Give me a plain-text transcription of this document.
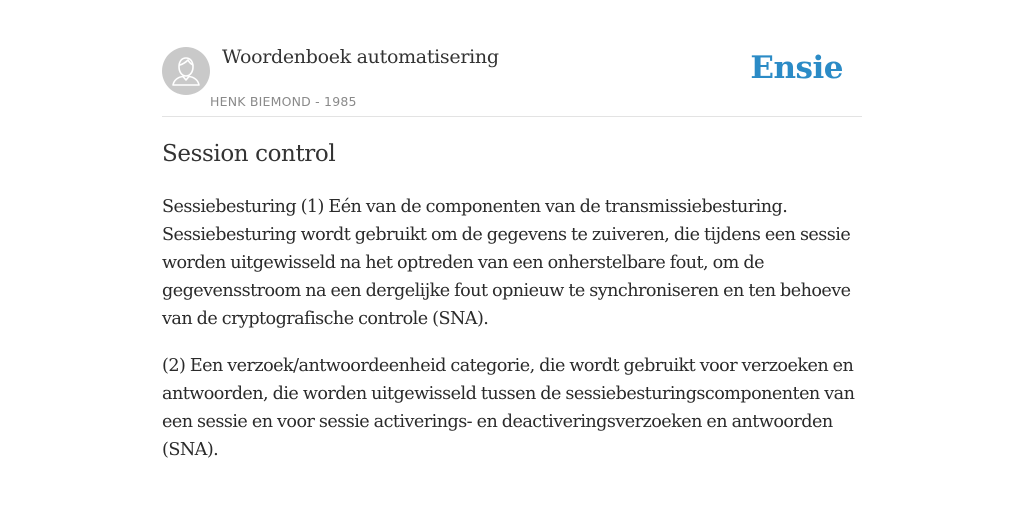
Woordenboek automatisering
HENK BIEMOND - 1985
Ensie
Session control

Sessiebesturing (1) Eén van de componenten van de transmissiebesturing. Sessiebesturing wordt gebruikt om de gegevens te zuiveren, die tijdens een sessie worden uitgewisseld na het optreden van een onherstelbare fout, om de gegevensstroom na een dergelijke fout opnieuw te synchroniseren en ten behoeve van de cryptografische controle (SNA).

(2) Een verzoek/antwoordeenheid categorie, die wordt gebruikt voor verzoeken en antwoorden, die worden uitgewisseld tussen de sessiebesturingscomponenten van een sessie en voor sessie activerings- en deactiveringsverzoeken en antwoorden (SNA).
